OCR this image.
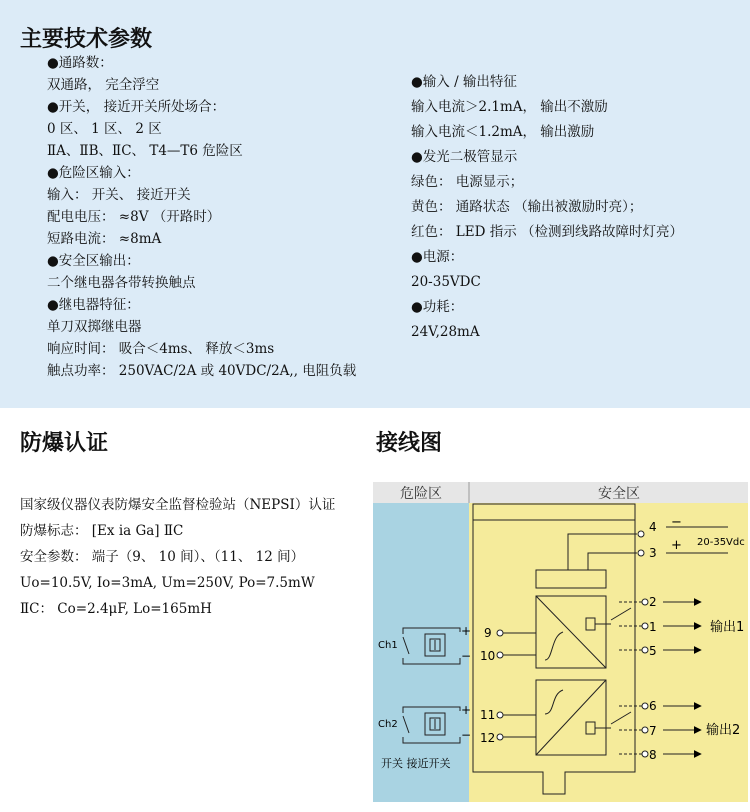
主要技术参数
●通路数：
双通路， 完全浮空
●开关， 接近开关所处场合：
0 区、 1 区、 2 区
ⅡA、ⅡB、ⅡC、 T4—T6 危险区
●危险区输入：
输入： 开关、 接近开关
配电电压： ≈8V （开路时）
短路电流： ≈8mA
●安全区输出：
二个继电器各带转换触点
●继电器特征：
单刀双掷继电器
响应时间： 吸合＜4ms、 释放＜3ms
触点功率： 250VAC/2A 或 40VDC/2A,, 电阻负载
●输入 / 输出特征
输入电流＞2.1mA， 输出不激励
输入电流＜1.2mA， 输出激励
●发光二极管显示
绿色： 电源显示；
黄色： 通路状态 （输出被激励时亮）；
红色： LED 指示 （检测到线路故障时灯亮）
●电源：
20-35VDC
●功耗：
24V,28mA
防爆认证
国家级仪器仪表防爆安全监督检验站（NEPSI）认证
防爆标志： [Ex ia Ga] ⅡC
安全参数： 端子（9、 10 间）、（11、 12 间）
Uo=10.5V, Io=3mA, Um=250V, Po=7.5mW
ⅡC： Co=2.4μF, Lo=165mH
接线图
危险区	安全区
4
3
−
+ 20-35Vdc
2
1
5
输出1
9
10
6
7
8
输出2
11
12
Ch1
+
−
Ch2
+
−
开关 接近开关
